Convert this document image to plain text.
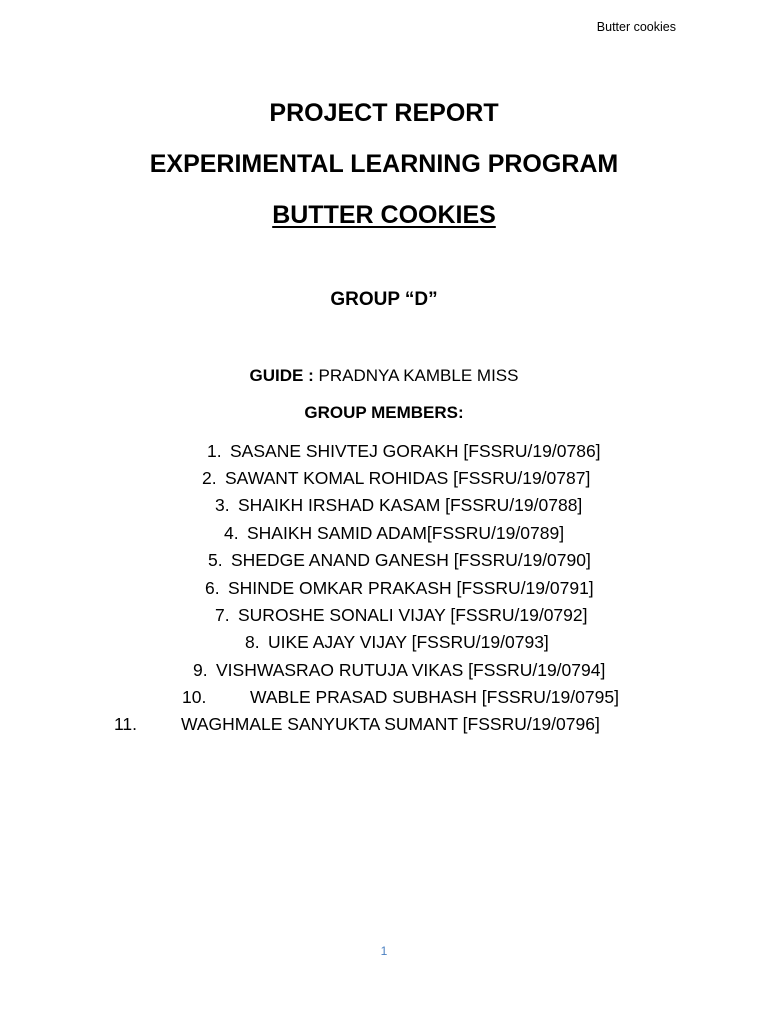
Butter cookies
PROJECT REPORT
EXPERIMENTAL LEARNING PROGRAM
BUTTER COOKIES
GROUP “D”
GUIDE : PRADNYA KAMBLE MISS
GROUP MEMBERS:
1. SASANE SHIVTEJ GORAKH [FSSRU/19/0786]
2. SAWANT KOMAL ROHIDAS [FSSRU/19/0787]
3. SHAIKH IRSHAD KASAM [FSSRU/19/0788]
4. SHAIKH SAMID ADAM[FSSRU/19/0789]
5. SHEDGE ANAND GANESH [FSSRU/19/0790]
6. SHINDE OMKAR PRAKASH [FSSRU/19/0791]
7. SUROSHE SONALI VIJAY [FSSRU/19/0792]
8. UIKE AJAY VIJAY [FSSRU/19/0793]
9. VISHWASRAO RUTUJA VIKAS [FSSRU/19/0794]
10. WABLE PRASAD SUBHASH [FSSRU/19/0795]
11.	WAGHMALE SANYUKTA SUMANT [FSSRU/19/0796]
1
